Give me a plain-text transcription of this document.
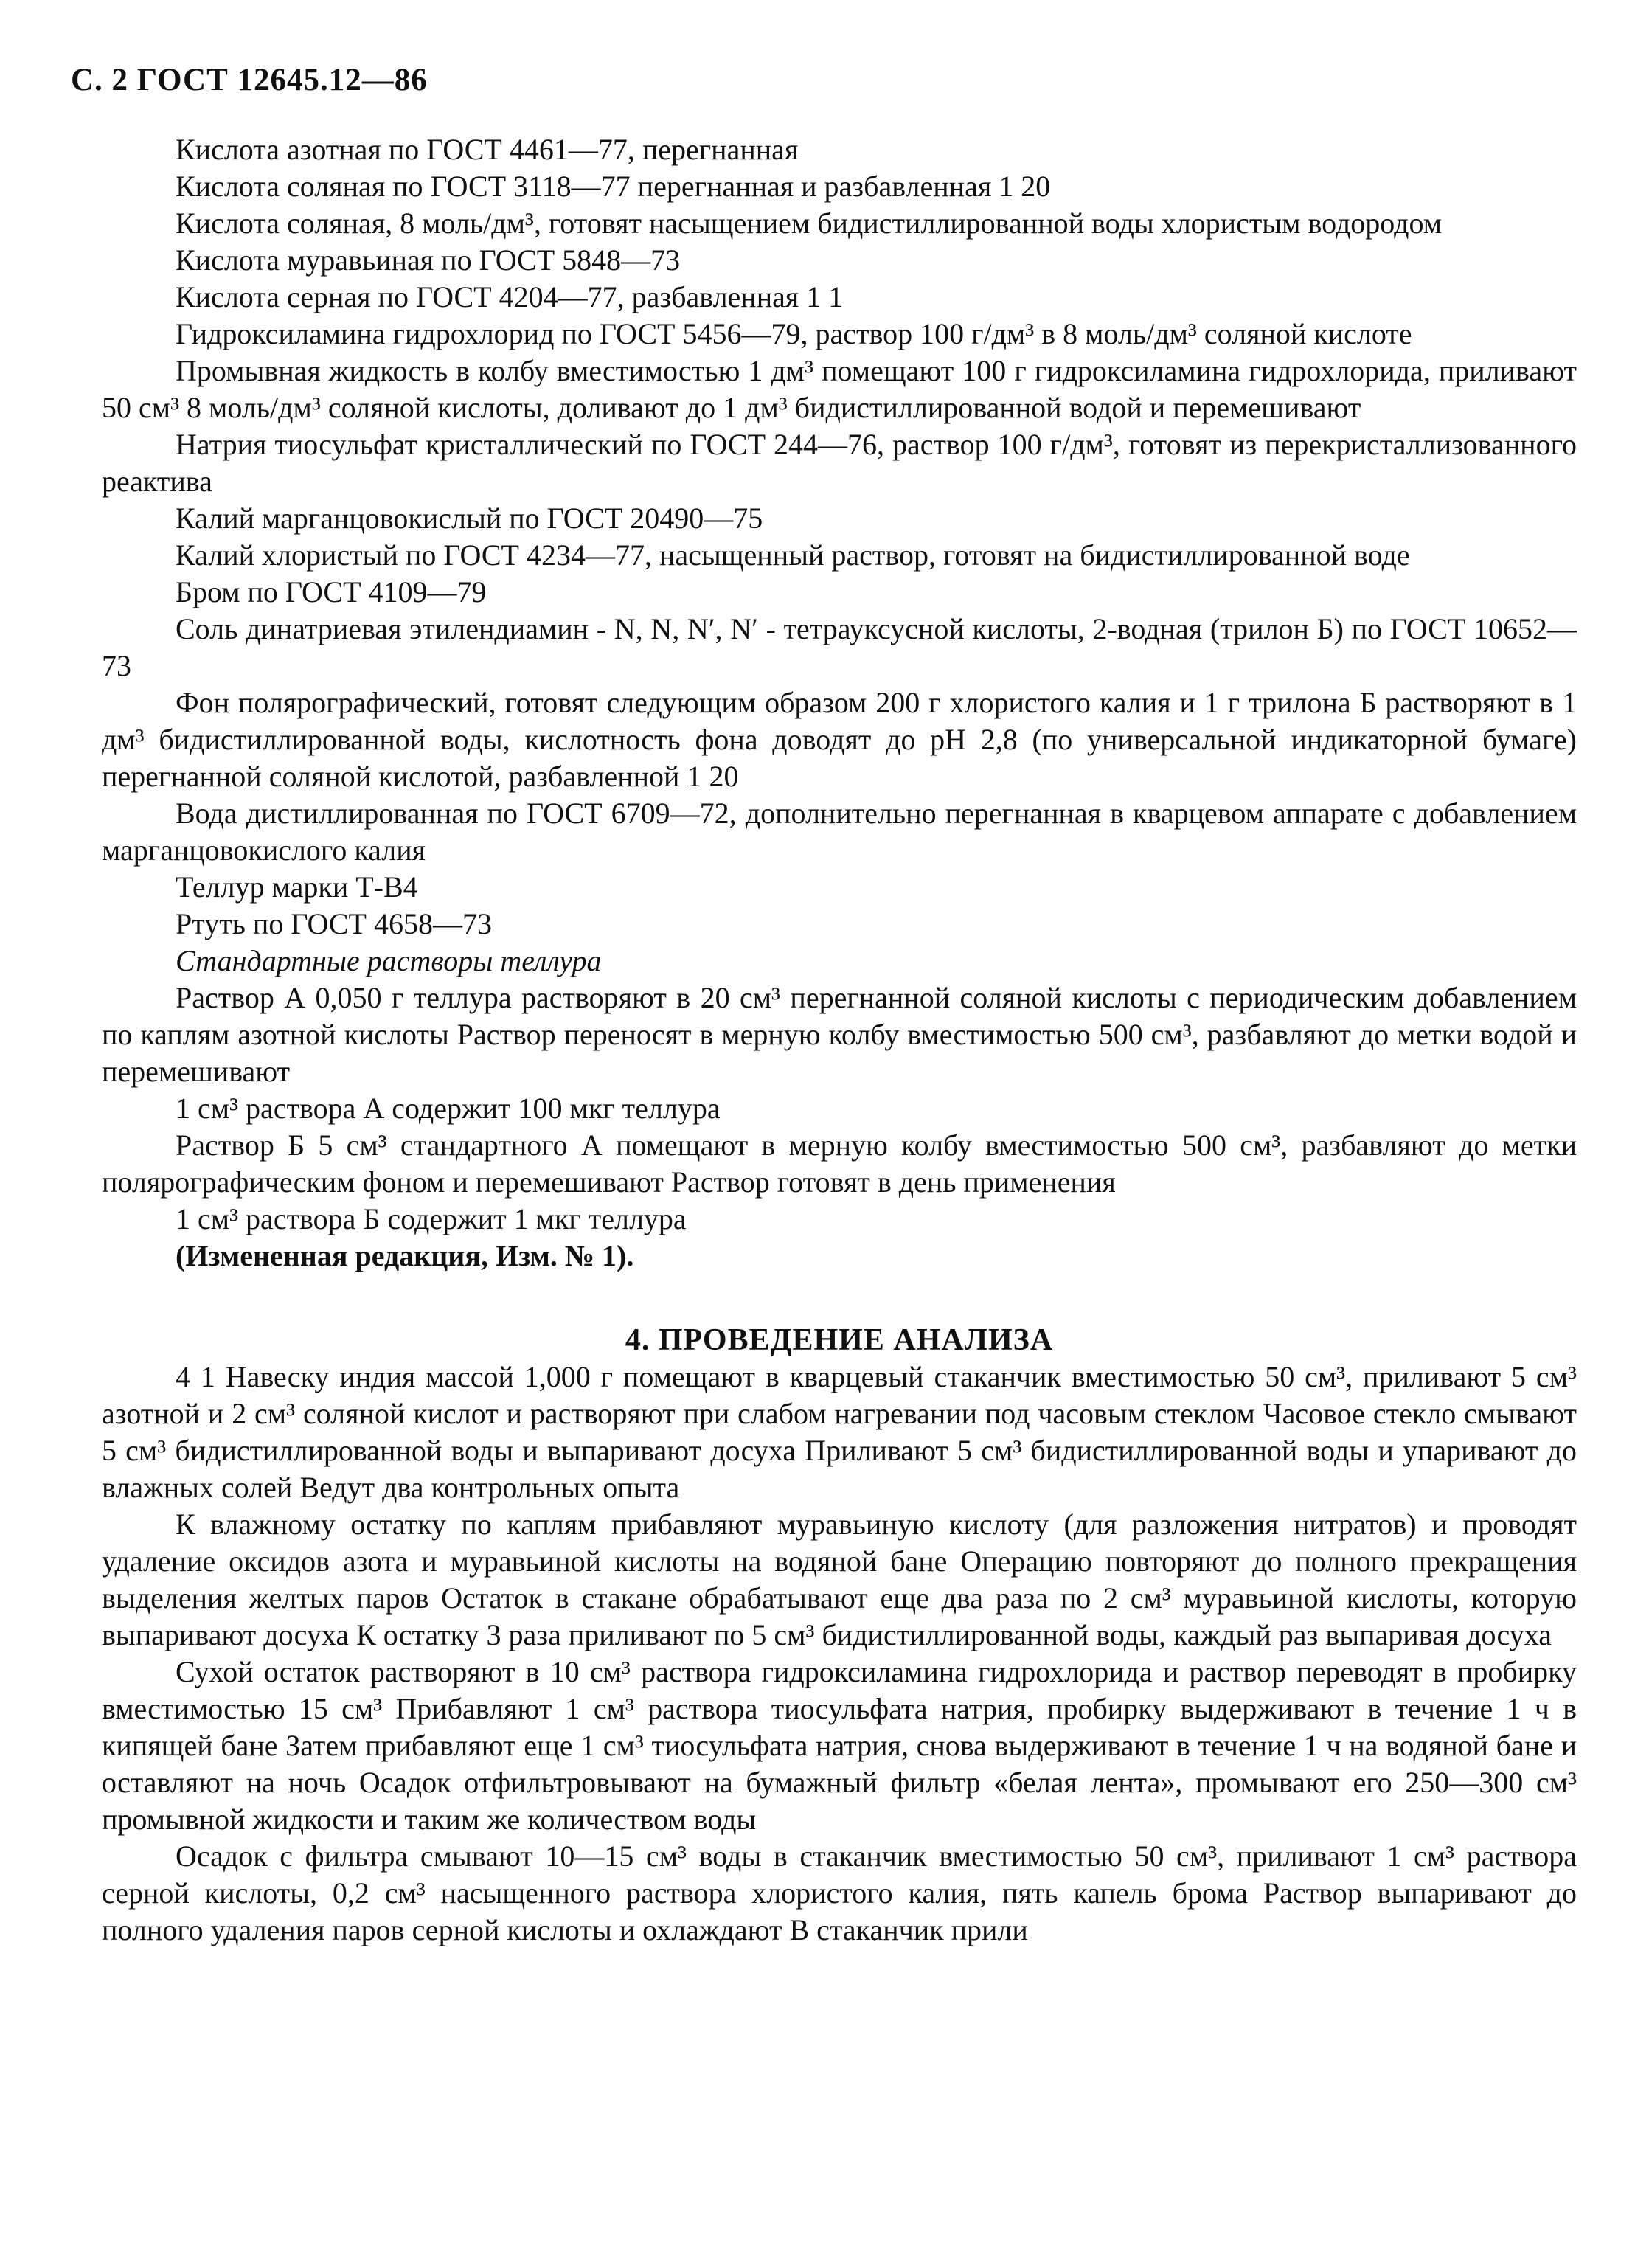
С. 2 ГОСТ 12645.12—86

Кислота азотная по ГОСТ 4461—77, перегнанная

Кислота соляная по ГОСТ 3118—77 перегнанная и разбавленная 1 20

Кислота соляная, 8 моль/дм³, готовят насыщением бидистиллированной воды хлористым водородом

Кислота муравьиная по ГОСТ 5848—73

Кислота серная по ГОСТ 4204—77, разбавленная 1 1

Гидроксиламина гидрохлорид по ГОСТ 5456—79, раствор 100 г/дм³ в 8 моль/дм³ соляной кислоте

Промывная жидкость в колбу вместимостью 1 дм³ помещают 100 г гидроксиламина гидрохлорида, приливают 50 см³ 8 моль/дм³ соляной кислоты, доливают до 1 дм³ бидистиллированной водой и перемешивают

Натрия тиосульфат кристаллический по ГОСТ 244—76, раствор 100 г/дм³, готовят из перекристаллизованного реактива

Калий марганцовокислый по ГОСТ 20490—75

Калий хлористый по ГОСТ 4234—77, насыщенный раствор, готовят на бидистиллированной воде

Бром по ГОСТ 4109—79

Соль динатриевая этилендиамин - N, N, N′, N′ - тетрауксусной кислоты, 2-водная (трилон Б) по ГОСТ 10652—73

Фон полярографический, готовят следующим образом 200 г хлористого калия и 1 г трилона Б растворяют в 1 дм³ бидистиллированной воды, кислотность фона доводят до pH 2,8 (по универсальной индикаторной бумаге) перегнанной соляной кислотой, разбавленной 1 20

Вода дистиллированная по ГОСТ 6709—72, дополнительно перегнанная в кварцевом аппарате с добавлением марганцовокислого калия

Теллур марки Т-В4

Ртуть по ГОСТ 4658—73

Стандартные растворы теллура

Раствор А 0,050 г теллура растворяют в 20 см³ перегнанной соляной кислоты с периодическим добавлением по каплям азотной кислоты Раствор переносят в мерную колбу вместимостью 500 см³, разбавляют до метки водой и перемешивают

1 см³ раствора А содержит 100 мкг теллура

Раствор Б 5 см³ стандартного А помещают в мерную колбу вместимостью 500 см³, разбавляют до метки полярографическим фоном и перемешивают Раствор готовят в день применения

1 см³ раствора Б содержит 1 мкг теллура

(Измененная редакция, Изм. № 1).

4. ПРОВЕДЕНИЕ АНАЛИЗА

4 1 Навеску индия массой 1,000 г помещают в кварцевый стаканчик вместимостью 50 см³, приливают 5 см³ азотной и 2 см³ соляной кислот и растворяют при слабом нагревании под часовым стеклом Часовое стекло смывают 5 см³ бидистиллированной воды и выпаривают досуха Приливают 5 см³ бидистиллированной воды и упаривают до влажных солей Ведут два контрольных опыта

К влажному остатку по каплям прибавляют муравьиную кислоту (для разложения нитратов) и проводят удаление оксидов азота и муравьиной кислоты на водяной бане Операцию повторяют до полного прекращения выделения желтых паров Остаток в стакане обрабатывают еще два раза по 2 см³ муравьиной кислоты, которую выпаривают досуха К остатку 3 раза приливают по 5 см³ бидистиллированной воды, каждый раз выпаривая досуха

Сухой остаток растворяют в 10 см³ раствора гидроксиламина гидрохлорида и раствор переводят в пробирку вместимостью 15 см³ Прибавляют 1 см³ раствора тиосульфата натрия, пробирку выдерживают в течение 1 ч в кипящей бане Затем прибавляют еще 1 см³ тиосульфата натрия, снова выдерживают в течение 1 ч на водяной бане и оставляют на ночь Осадок отфильтровывают на бумажный фильтр «белая лента», промывают его 250—300 см³ промывной жидкости и таким же количеством воды

Осадок с фильтра смывают 10—15 см³ воды в стаканчик вместимостью 50 см³, приливают 1 см³ раствора серной кислоты, 0,2 см³ насыщенного раствора хлористого калия, пять капель брома Раствор выпаривают до полного удаления паров серной кислоты и охлаждают В стаканчик прили
